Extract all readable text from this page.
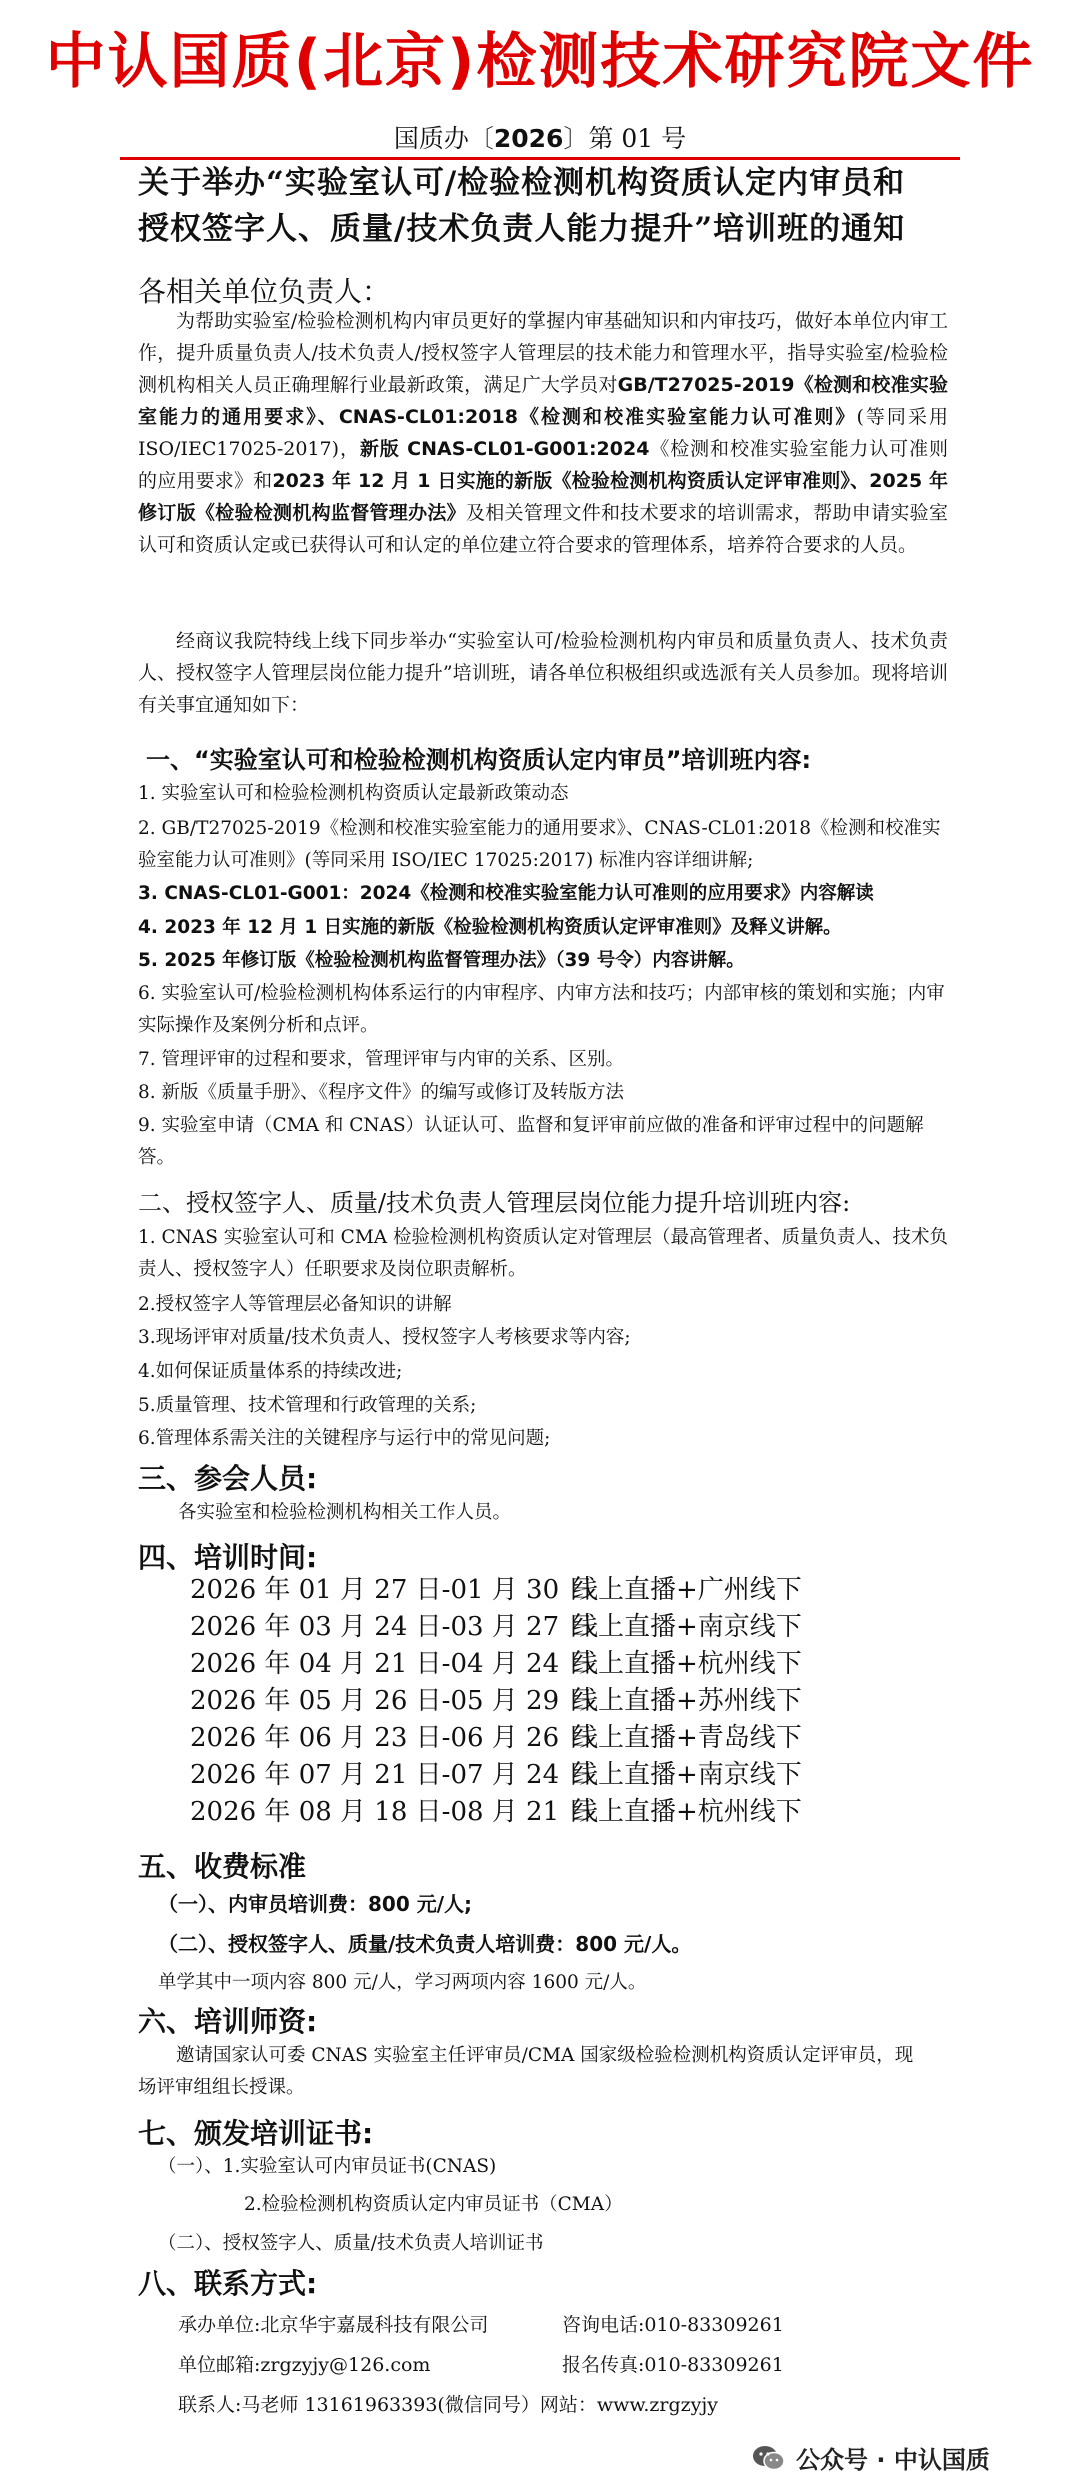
中认国质(北京)检测技术研究院文件
国质办〔2026〕第 01 号
关于举办“实验室认可/检验检测机构资质认定内审员和
授权签字人、质量/技术负责人能力提升”培训班的通知
各相关单位负责人：
为帮助实验室/检验检测机构内审员更好的掌握内审基础知识和内审技巧，做好本单位内审工作，提升质量负责人/技术负责人/授权签字人管理层的技术能力和管理水平，指导实验室/检验检测机构相关人员正确理解行业最新政策，满足广大学员对GB/T27025-2019《检测和校准实验室能力的通用要求》、CNAS-CL01:2018《检测和校准实验室能力认可准则》(等同采用 ISO/IEC17025-2017)，新版 CNAS-CL01-G001:2024《检测和校准实验室能力认可准则的应用要求》和2023 年 12 月 1 日实施的新版《检验检测机构资质认定评审准则》、2025 年修订版《检验检测机构监督管理办法》及相关管理文件和技术要求的培训需求，帮助申请实验室认可和资质认定或已获得认可和认定的单位建立符合要求的管理体系，培养符合要求的人员。
经商议我院特线上线下同步举办“实验室认可/检验检测机构内审员和质量负责人、技术负责人、授权签字人管理层岗位能力提升”培训班，请各单位积极组织或选派有关人员参加。现将培训有关事宜通知如下：
一、“实验室认可和检验检测机构资质认定内审员”培训班内容:
1. 实验室认可和检验检测机构资质认定最新政策动态
2. GB/T27025-2019《检测和校准实验室能力的通用要求》、CNAS-CL01:2018《检测和校准实验室能力认可准则》(等同采用 ISO/IEC 17025:2017) 标准内容详细讲解;
3. CNAS-CL01-G001：2024《检测和校准实验室能力认可准则的应用要求》内容解读
4. 2023 年 12 月 1 日实施的新版《检验检测机构资质认定评审准则》及释义讲解。
5. 2025 年修订版《检验检测机构监督管理办法》（39 号令）内容讲解。
6. 实验室认可/检验检测机构体系运行的内审程序、内审方法和技巧；内部审核的策划和实施；内审实际操作及案例分析和点评。
7. 管理评审的过程和要求，管理评审与内审的关系、区别。
8. 新版《质量手册》、《程序文件》的编写或修订及转版方法
9. 实验室申请（CMA 和 CNAS）认证认可、监督和复评审前应做的准备和评审过程中的问题解答。
二、授权签字人、质量/技术负责人管理层岗位能力提升培训班内容:
1. CNAS 实验室认可和 CMA 检验检测机构资质认定对管理层（最高管理者、质量负责人、技术负责人、授权签字人）任职要求及岗位职责解析。
2.授权签字人等管理层必备知识的讲解
3.现场评审对质量/技术负责人、授权签字人考核要求等内容;
4.如何保证质量体系的持续改进;
5.质量管理、技术管理和行政管理的关系;
6.管理体系需关注的关键程序与运行中的常见问题;
三、参会人员:
各实验室和检验检测机构相关工作人员。
四、培训时间:
2026 年 01 月 27 日-01 月 30 日
线上直播+广州线下
2026 年 03 月 24 日-03 月 27 日
线上直播+南京线下
2026 年 04 月 21 日-04 月 24 日
线上直播+杭州线下
2026 年 05 月 26 日-05 月 29 日
线上直播+苏州线下
2026 年 06 月 23 日-06 月 26 日
线上直播+青岛线下
2026 年 07 月 21 日-07 月 24 日
线上直播+南京线下
2026 年 08 月 18 日-08 月 21 日
线上直播+杭州线下
五、收费标准
（一）、内审员培训费：800 元/人;
（二）、授权签字人、质量/技术负责人培训费：800 元/人。
单学其中一项内容 800 元/人，学习两项内容 1600 元/人。
六、培训师资:
邀请国家认可委 CNAS 实验室主任评审员/CMA 国家级检验检测机构资质认定评审员，现场评审组组长授课。
七、颁发培训证书:
（一）、1.实验室认可内审员证书(CNAS)
2.检验检测机构资质认定内审员证书（CMA）
（二）、授权签字人、质量/技术负责人培训证书
八、联系方式:
承办单位:北京华宇嘉晟科技有限公司	咨询电话:010-83309261
单位邮箱:zrgzyjy@126.com	报名传真:010-83309261
联系人:马老师 13161963393(微信同号）网站：www.zrgzyjy
公众号 · 中认国质
